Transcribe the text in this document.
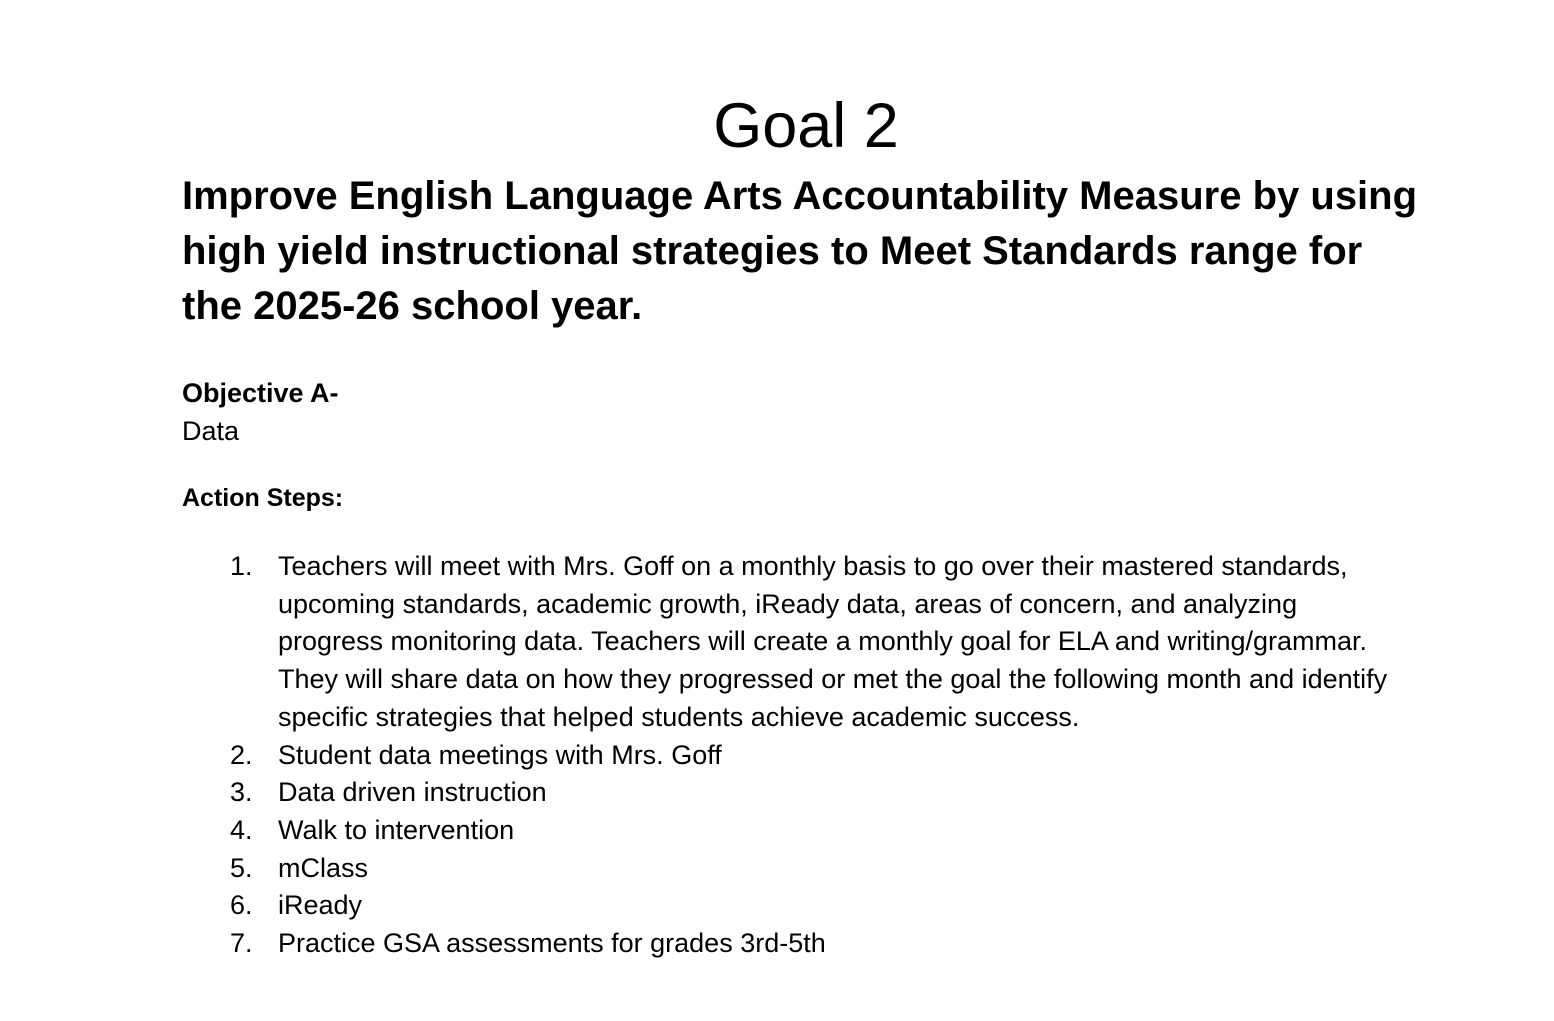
Goal 2
Improve English Language Arts Accountability Measure by using high yield instructional strategies to Meet Standards range for the 2025-26 school year.
Objective A-
Data
Action Steps:
1. Teachers will meet with Mrs. Goff on a monthly basis to go over their mastered standards, upcoming standards, academic growth, iReady data, areas of concern, and analyzing progress monitoring data. Teachers will create a monthly goal for ELA and writing/grammar. They will share data on how they progressed or met the goal the following month and identify specific strategies that helped students achieve academic success.
2. Student data meetings with Mrs. Goff
3. Data driven instruction
4. Walk to intervention
5. mClass
6. iReady
7. Practice GSA assessments for grades 3rd-5th
